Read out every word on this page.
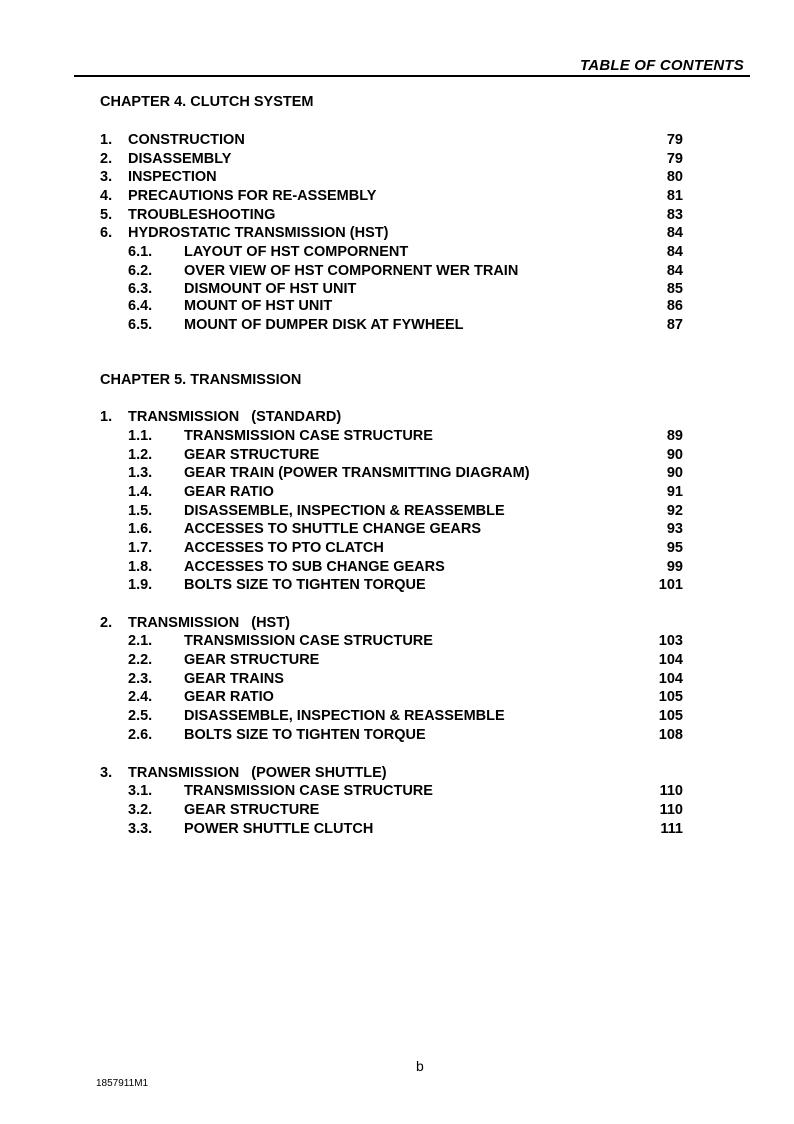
TABLE OF CONTENTS
CHAPTER 4. CLUTCH SYSTEM
1. CONSTRUCTION	79
2. DISASSEMBLY	79
3. INSPECTION	80
4. PRECAUTIONS FOR RE-ASSEMBLY	81
5. TROUBLESHOOTING	83
6. HYDROSTATIC TRANSMISSION (HST)	84
6.1. LAYOUT OF HST COMPORNENT	84
6.2. OVER VIEW OF HST COMPORNENT WER TRAIN	84
6.3. DISMOUNT OF HST UNIT	85
6.4. MOUNT OF HST UNIT	86
6.5. MOUNT OF DUMPER DISK AT FYWHEEL	87
CHAPTER 5. TRANSMISSION
1. TRANSMISSION   (STANDARD)
1.1. TRANSMISSION CASE STRUCTURE	89
1.2. GEAR STRUCTURE	90
1.3. GEAR TRAIN (POWER TRANSMITTING DIAGRAM)	90
1.4. GEAR RATIO	91
1.5. DISASSEMBLE, INSPECTION & REASSEMBLE	92
1.6. ACCESSES TO SHUTTLE CHANGE GEARS	93
1.7. ACCESSES TO PTO CLATCH	95
1.8. ACCESSES TO SUB CHANGE GEARS	99
1.9. BOLTS SIZE TO TIGHTEN TORQUE	101
2. TRANSMISSION   (HST)
2.1. TRANSMISSION CASE STRUCTURE	103
2.2. GEAR STRUCTURE	104
2.3. GEAR TRAINS	104
2.4. GEAR RATIO	105
2.5. DISASSEMBLE, INSPECTION & REASSEMBLE	105
2.6. BOLTS SIZE TO TIGHTEN TORQUE	108
3. TRANSMISSION   (POWER SHUTTLE)
3.1. TRANSMISSION CASE STRUCTURE	110
3.2. GEAR STRUCTURE	110
3.3. POWER SHUTTLE CLUTCH	111
b
1857911M1
